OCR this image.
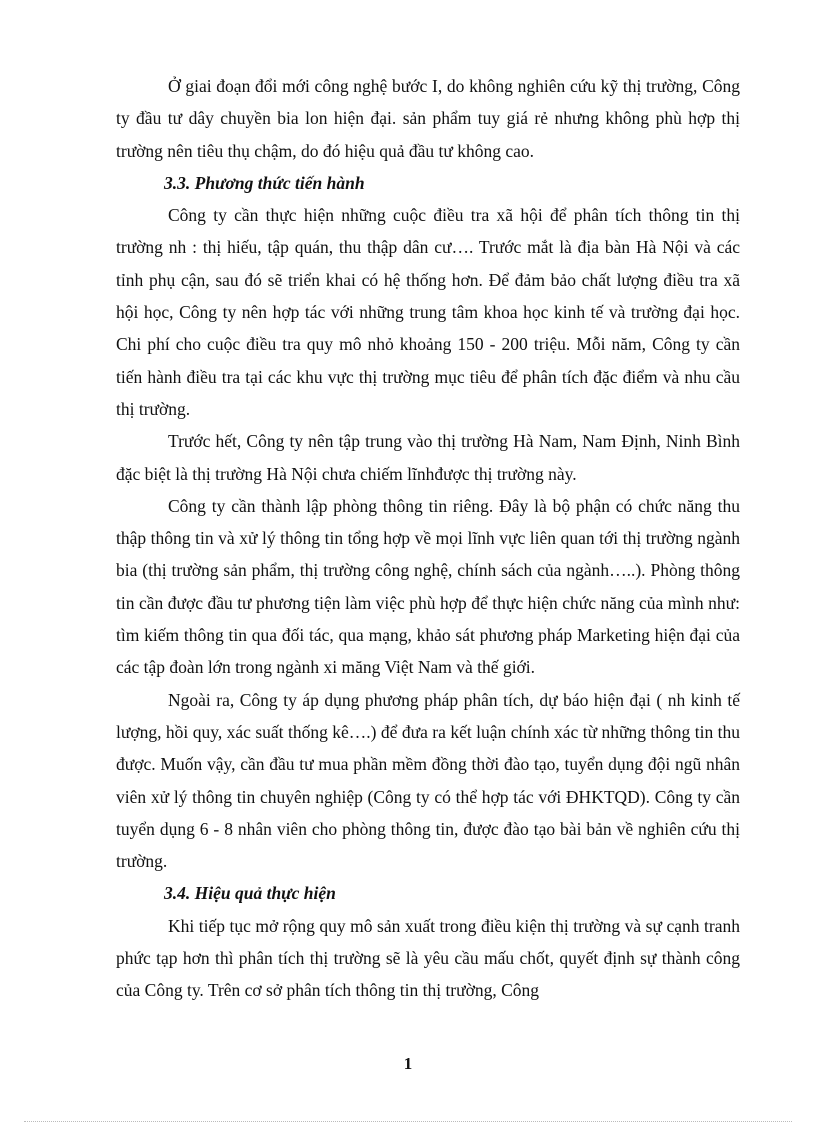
Ở giai đoạn đổi mới công nghệ bước I, do không nghiên cứu kỹ thị trường, Công ty đầu tư dây chuyền bia lon hiện đại. sản phẩm tuy giá rẻ nhưng không phù hợp thị trường nên tiêu thụ chậm, do đó hiệu quả đầu tư không cao.

3.3. Phương thức tiến hành

Công ty cần thực hiện những cuộc điều tra xã hội để phân tích thông tin thị trường nh : thị hiếu, tập quán, thu thập dân cư…. Trước mắt là địa bàn Hà Nội và các tỉnh phụ cận, sau đó sẽ triển khai có hệ thống hơn. Để đảm bảo chất lượng điều tra xã hội học, Công ty nên hợp tác với những trung tâm khoa học kinh tế và trường đại học. Chi phí cho cuộc điều tra quy mô nhỏ khoảng 150 - 200 triệu. Mỗi năm, Công ty cần tiến hành điều tra tại các khu vực thị trường mục tiêu để phân tích đặc điểm và nhu cầu thị trường.

Trước hết, Công ty nên tập trung vào thị trường Hà Nam, Nam Định, Ninh Bình đặc biệt là thị trường Hà Nội chưa chiếm lĩnhđược thị trường này.

Công ty cần thành lập phòng thông tin riêng. Đây là bộ phận có chức năng thu thập thông tin và xử lý thông tin tổng hợp về mọi lĩnh vực liên quan tới thị trường ngành bia (thị trường sản phẩm, thị trường công nghệ, chính sách của ngành…..). Phòng thông tin cần được đầu tư phương tiện làm việc phù hợp để thực hiện chức năng của mình như: tìm kiếm thông tin qua đối tác, qua mạng, khảo sát phương pháp Marketing hiện đại của các tập đoàn lớn trong ngành xi măng Việt Nam và thế giới.

Ngoài ra, Công ty áp dụng phương pháp phân tích, dự báo hiện đại ( nh kinh tế lượng, hồi quy, xác suất thống kê….) để đưa ra kết luận chính xác từ những thông tin thu được. Muốn vậy, cần đầu tư mua phần mềm đồng thời đào tạo, tuyển dụng đội ngũ nhân viên xử lý thông tin chuyên nghiệp (Công ty có thể hợp tác với ĐHKTQD). Công ty cần tuyển dụng 6 - 8 nhân viên cho phòng thông tin, được đào tạo bài bản về nghiên cứu thị trường.

3.4. Hiệu quả thực hiện

Khi tiếp tục mở rộng quy mô sản xuất trong điều kiện thị trường và sự cạnh tranh phức tạp hơn thì phân tích thị trường sẽ là yêu cầu mấu chốt, quyết định sự thành công của Công ty. Trên cơ sở phân tích thông tin thị trường, Công

1
